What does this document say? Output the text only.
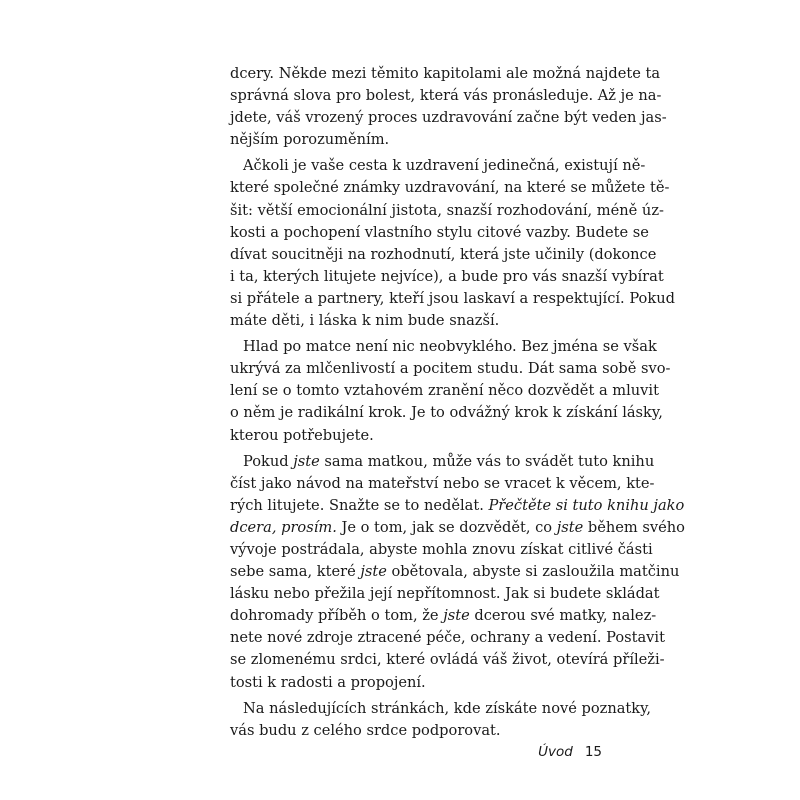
dcery. Někde mezi těmito kapitolami ale možná najdete ta
správná slova pro bolest, která vás pronásleduje. Až je na-
jdete, váš vrozený proces uzdravování začne být veden jas-
nějším porozuměním.
Ačkoli je vaše cesta k uzdravení jedinečná, existují ně-
které společné známky uzdravování, na které se můžete tě-
šit: větší emocionální jistota, snazší rozhodování, méně úz-
kosti a pochopení vlastního stylu citové vazby. Budete se
dívat soucitněji na rozhodnutí, která jste učinily (dokonce
i ta, kterých litujete nejvíce), a bude pro vás snazší vybírat
si přátele a partnery, kteří jsou laskaví a respektující. Pokud
máte děti, i láska k nim bude snazší.
Hlad po matce není nic neobvyklého. Bez jména se však
ukrývá za mlčenlivostí a pocitem studu. Dát sama sobě svo-
lení se o tomto vztahovém zranění něco dozvědět a mluvit
o něm je radikální krok. Je to odvážný krok k získání lásky,
kterou potřebujete.
Pokud jste sama matkou, může vás to svádět tuto knihu
číst jako návod na mateřství nebo se vracet k věcem, kte-
rých litujete. Snažte se to nedělat. Přečtěte si tuto knihu jako
dcera, prosím. Je o tom, jak se dozvědět, co jste během svého
vývoje postrádala, abyste mohla znovu získat citlivé části
sebe sama, které jste obětovala, abyste si zasloužila matčinu
lásku nebo přežila její nepřítomnost. Jak si budete skládat
dohromady příběh o tom, že jste dcerou své matky, nalez-
nete nové zdroje ztracené péče, ochrany a vedení. Postavit
se zlomenému srdci, které ovládá váš život, otevírá příleži-
tosti k radosti a propojení.
Na následujících stránkách, kde získáte nové poznatky,
vás budu z celého srdce podporovat.
Úvod 15
